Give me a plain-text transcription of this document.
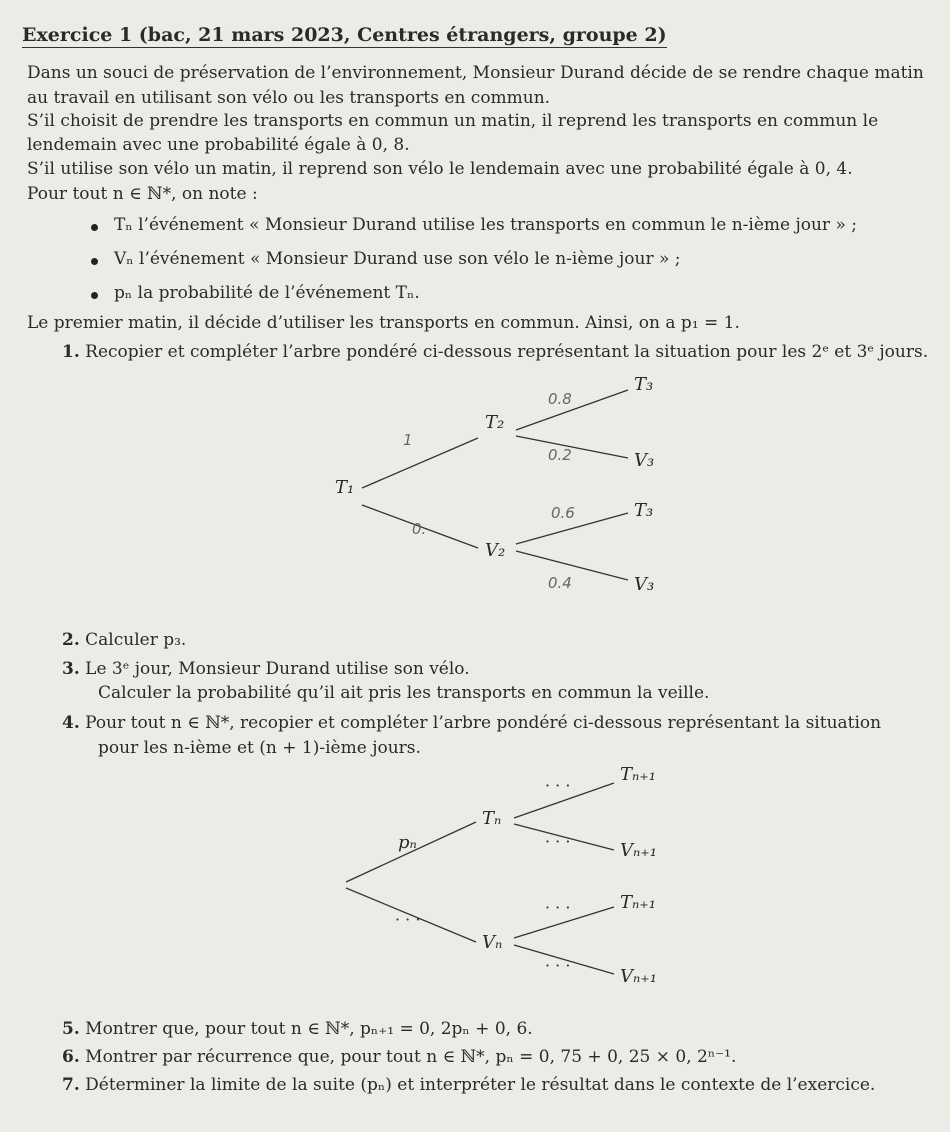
Exercice 1 (bac, 21 mars 2023, Centres étrangers, groupe 2)
Dans un souci de préservation de l’environnement, Monsieur Durand décide de se rendre chaque matin
au travail en utilisant son vélo ou les transports en commun.
S’il choisit de prendre les transports en commun un matin, il reprend les transports en commun le
lendemain avec une probabilité égale à 0, 8.
S’il utilise son vélo un matin, il reprend son vélo le lendemain avec une probabilité égale à 0, 4.
Pour tout n ∈ ℕ*, on note :
Tₙ l’événement « Monsieur Durand utilise les transports en commun le n-ième jour » ;
Vₙ l’événement « Monsieur Durand use son vélo le n-ième jour » ;
pₙ la probabilité de l’événement Tₙ.
Le premier matin, il décide d’utiliser les transports en commun. Ainsi, on a p₁ = 1.
1. Recopier et compléter l’arbre pondéré ci-dessous représentant la situation pour les 2ᵉ et 3ᵉ jours.
2. Calculer p₃.
3. Le 3ᵉ jour, Monsieur Durand utilise son vélo.
Calculer la probabilité qu’il ait pris les transports en commun la veille.
4. Pour tout n ∈ ℕ*, recopier et compléter l’arbre pondéré ci-dessous représentant la situation
pour les n-ième et (n + 1)-ième jours.
5. Montrer que, pour tout n ∈ ℕ*, pₙ₊₁ = 0, 2pₙ + 0, 6.
6. Montrer par récurrence que, pour tout n ∈ ℕ*, pₙ = 0, 75 + 0, 25 × 0, 2ⁿ⁻¹.
7. Déterminer la limite de la suite (pₙ) et interpréter le résultat dans le contexte de l’exercice.
T₁
T₂
V₂
T₃
V₃
T₃
V₃
1
0.
0.8
0.2
0.6
0.4
pₙ
· · ·
Tₙ
Vₙ
· · ·
· · ·
· · ·
· · ·
Tₙ₊₁
Vₙ₊₁
Tₙ₊₁
Vₙ₊₁
